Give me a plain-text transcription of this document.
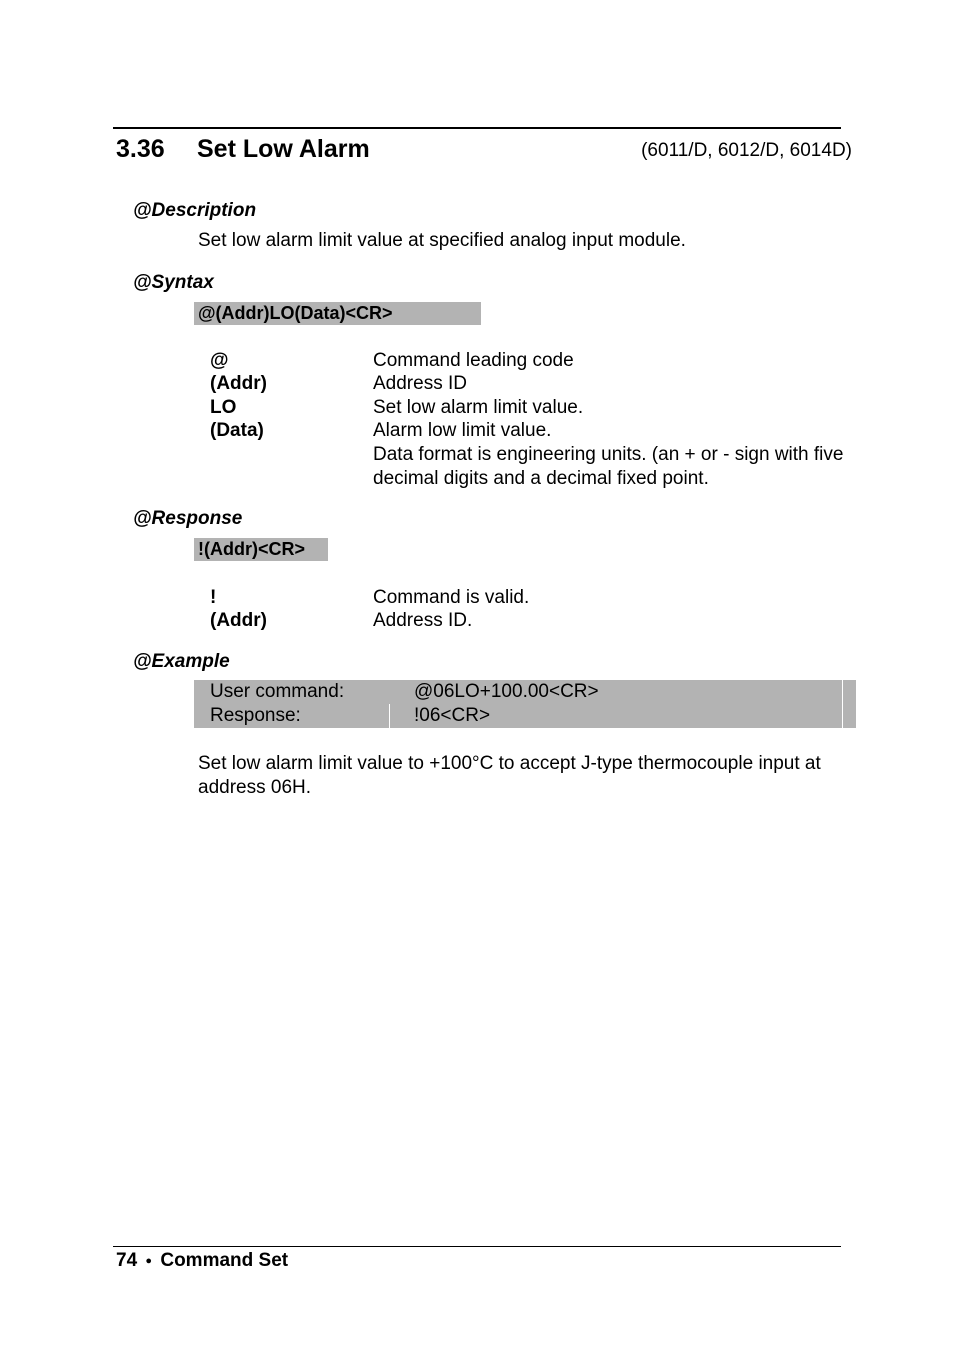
3.36 Set Low Alarm	(6011/D, 6012/D, 6014D)
@Description
Set low alarm limit value at specified analog input module.
@Syntax
@(Addr)LO(Data)<CR>
@	Command leading code
(Addr)	Address ID
LO	Set low alarm limit value.
(Data)	Alarm low limit value.
Data format is engineering units. (an + or - sign with five decimal digits and a decimal fixed point.
@Response
!(Addr)<CR>
!	Command is valid.
(Addr)	Address ID.
@Example
User command:	@06LO+100.00<CR>
Response:	!06<CR>
Set low alarm limit value to +100°C to accept J-type thermocouple input at address 06H.
74 ● Command Set
